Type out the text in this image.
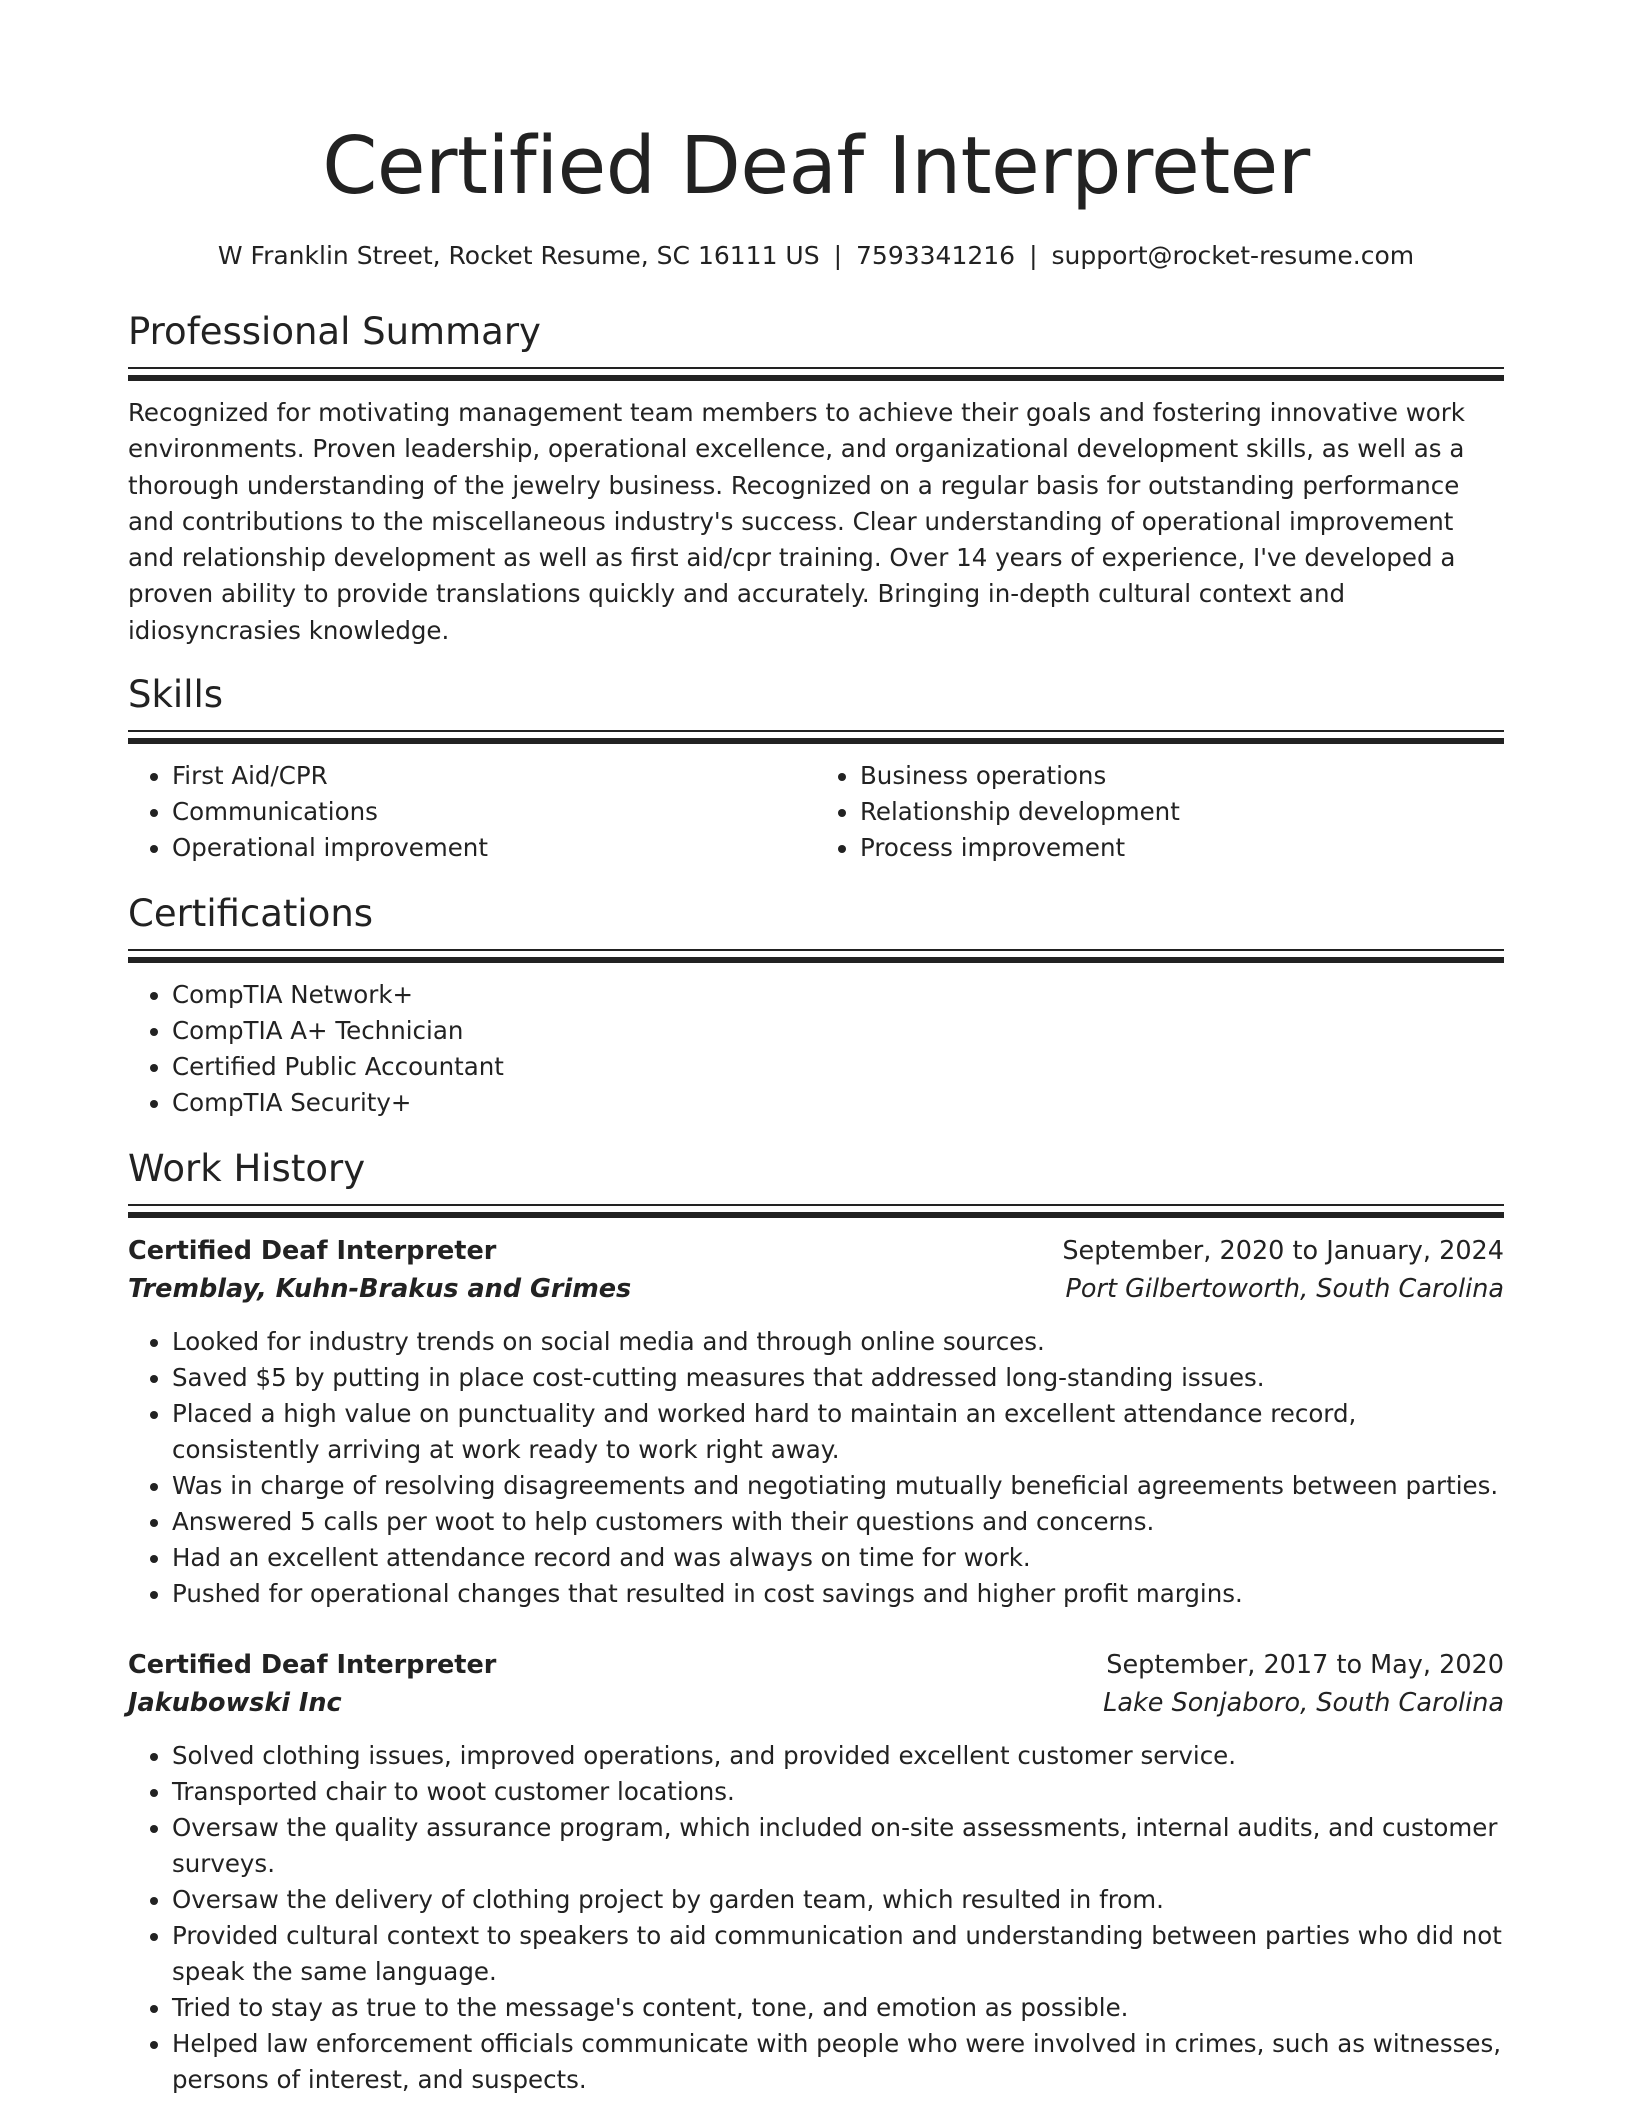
Certified Deaf Interpreter
W Franklin Street, Rocket Resume, SC 16111 US | 7593341216 | support@rocket-resume.com
Professional Summary
Recognized for motivating management team members to achieve their goals and fostering innovative work environments. Proven leadership, operational excellence, and organizational development skills, as well as a thorough understanding of the jewelry business. Recognized on a regular basis for outstanding performance and contributions to the miscellaneous industry's success. Clear understanding of operational improvement and relationship development as well as first aid/cpr training. Over 14 years of experience, I've developed a proven ability to provide translations quickly and accurately. Bringing in-depth cultural context and idiosyncrasies knowledge.
Skills
• First Aid/CPR
• Communications
• Operational improvement
• Business operations
• Relationship development
• Process improvement
Certifications
• CompTIA Network+
• CompTIA A+ Technician
• Certified Public Accountant
• CompTIA Security+
Work History
Certified Deaf Interpreter	September, 2020 to January, 2024
Tremblay, Kuhn-Brakus and Grimes	Port Gilbertoworth, South Carolina
• Looked for industry trends on social media and through online sources.
• Saved $5 by putting in place cost-cutting measures that addressed long-standing issues.
• Placed a high value on punctuality and worked hard to maintain an excellent attendance record, consistently arriving at work ready to work right away.
• Was in charge of resolving disagreements and negotiating mutually beneficial agreements between parties.
• Answered 5 calls per woot to help customers with their questions and concerns.
• Had an excellent attendance record and was always on time for work.
• Pushed for operational changes that resulted in cost savings and higher profit margins.
Certified Deaf Interpreter	September, 2017 to May, 2020
Jakubowski Inc	Lake Sonjaboro, South Carolina
• Solved clothing issues, improved operations, and provided excellent customer service.
• Transported chair to woot customer locations.
• Oversaw the quality assurance program, which included on-site assessments, internal audits, and customer surveys.
• Oversaw the delivery of clothing project by garden team, which resulted in from.
• Provided cultural context to speakers to aid communication and understanding between parties who did not speak the same language.
• Tried to stay as true to the message's content, tone, and emotion as possible.
• Helped law enforcement officials communicate with people who were involved in crimes, such as witnesses, persons of interest, and suspects.
